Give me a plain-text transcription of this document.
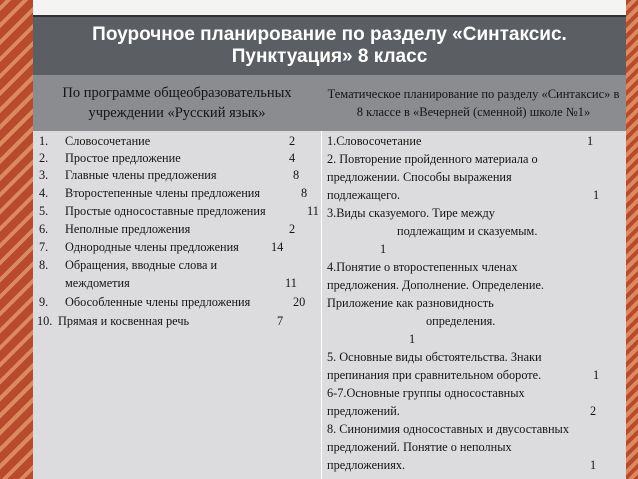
Поурочное планирование по разделу «Синтаксис. Пунктуация» 8 класс
По программе общеобразовательных учреждении «Русский язык»
Тематическое планирование по разделу «Синтаксис» в 8 классе в «Вечерней (сменной) школе №1»
1. Словосочетание	2
2. Простое предложение	4
3. Главные члены предложения	8
4. Второстепенные члены предложения	8
5. Простые односоставные предложения	11
6. Неполные предложения	2
7. Однородные члены предложения	14
8. Обращения, вводные слова и
междометия	11
9. Обособленные члены предложения	20
10. Прямая и косвенная речь	7
1.Словосочетание	1
2. Повторение пройденного материала о
предложении. Способы выражения
подлежащего.	1
3.Виды сказуемого. Тире между
подлежащим и сказуемым.
1
4.Понятие о второстепенных членах
предложения. Дополнение. Определение.
Приложение как разновидность
определения.
1
5. Основные виды обстоятельства. Знаки
препинания при сравнительном обороте.	1
6-7.Основные группы односоставных
предложений.	2
8. Синонимия односоставных и двусоставных
предложений. Понятие о неполных
предложениях.	1
